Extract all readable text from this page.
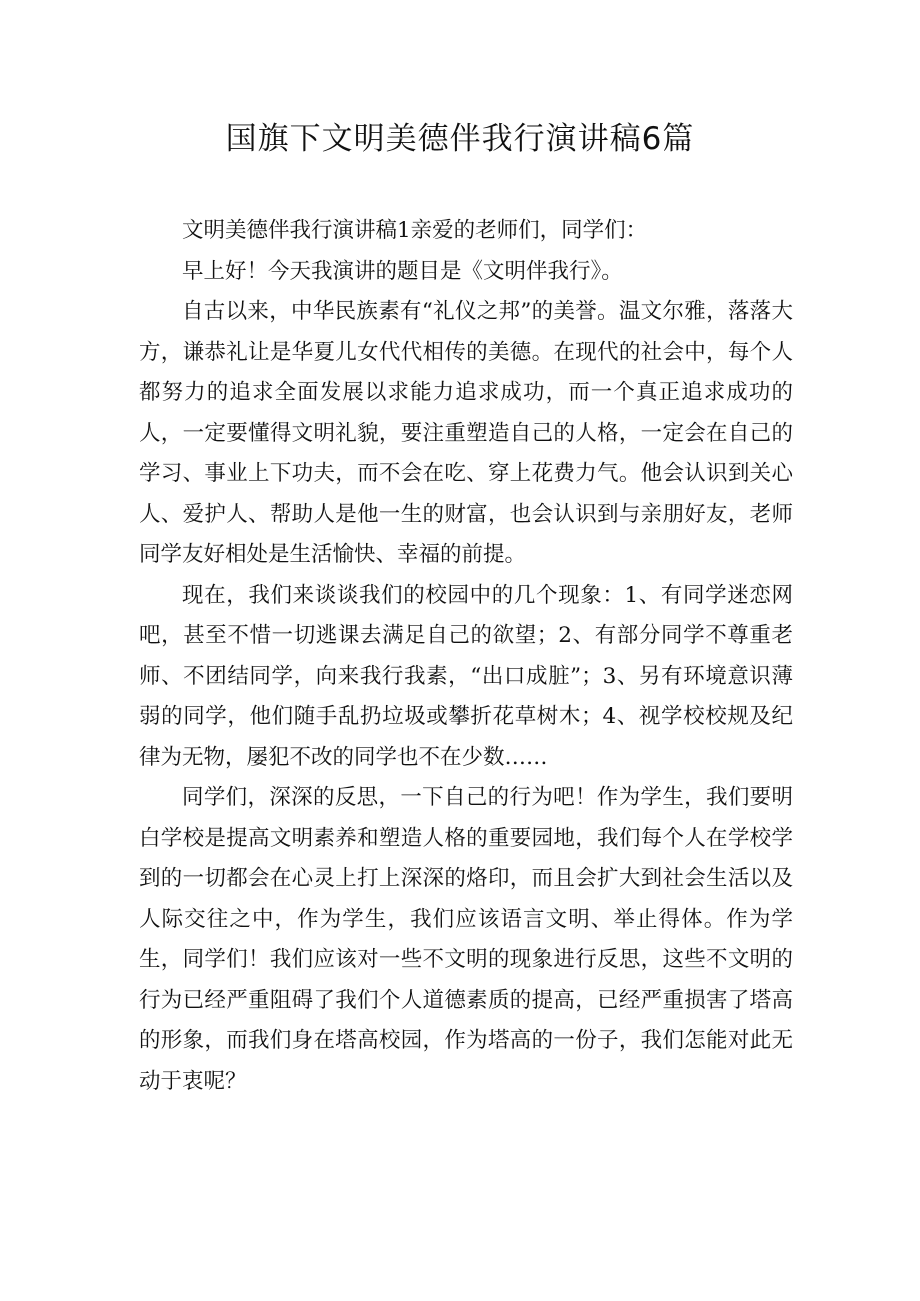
国旗下文明美德伴我行演讲稿6篇

文明美德伴我行演讲稿1亲爱的老师们，同学们：

早上好！今天我演讲的题目是《文明伴我行》。

自古以来，中华民族素有“礼仪之邦”的美誉。温文尔雅，落落大方，谦恭礼让是华夏儿女代代相传的美德。在现代的社会中，每个人都努力的追求全面发展以求能力追求成功，而一个真正追求成功的人，一定要懂得文明礼貌，要注重塑造自己的人格，一定会在自己的学习、事业上下功夫，而不会在吃、穿上花费力气。他会认识到关心人、爱护人、帮助人是他一生的财富，也会认识到与亲朋好友，老师同学友好相处是生活愉快、幸福的前提。

现在，我们来谈谈我们的校园中的几个现象：1、有同学迷恋网吧，甚至不惜一切逃课去满足自己的欲望；2、有部分同学不尊重老师、不团结同学，向来我行我素，“出口成脏”；3、另有环境意识薄弱的同学，他们随手乱扔垃圾或攀折花草树木；4、视学校校规及纪律为无物，屡犯不改的同学也不在少数……

同学们，深深的反思，一下自己的行为吧！作为学生，我们要明白学校是提高文明素养和塑造人格的重要园地，我们每个人在学校学到的一切都会在心灵上打上深深的烙印，而且会扩大到社会生活以及人际交往之中，作为学生，我们应该语言文明、举止得体。作为学生，同学们！我们应该对一些不文明的现象进行反思，这些不文明的行为已经严重阻碍了我们个人道德素质的提高，已经严重损害了塔高的形象，而我们身在塔高校园，作为塔高的一份子，我们怎能对此无动于衷呢？
